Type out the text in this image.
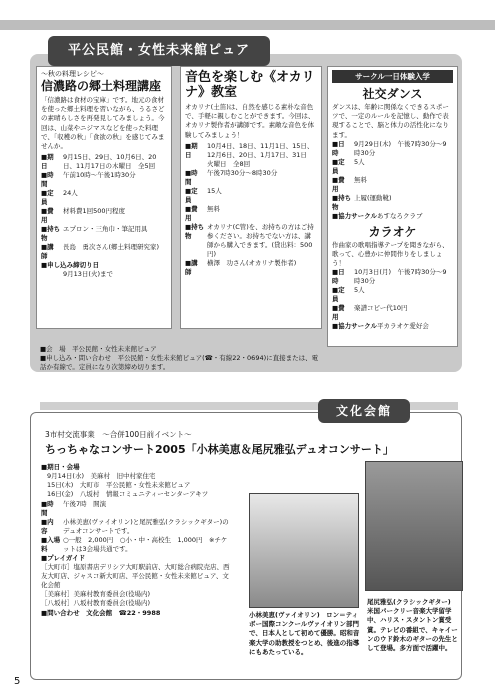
平公民館・女性未来館ピュア
〜秋の料理レシピ〜
信濃路の郷土料理講座
「信濃路は食材の宝庫」です。地元の食材を使った郷土料理を習いながら、うるさどの素晴らしさを再発見してみましょう。今回は、山菜やニジマスなどを使った料理で、「収穫の秋」「食欲の秋」を感じてみませんか。
■期　日
9月15日、29日、10月6日、20日、11月17日の木曜日　全5回
■時　間
午前10時〜午後1時30分
■定　員
24人
■費　用
材料費1回500円程度
■持ち物
エプロン・三角巾・筆記用具
■講　師
長島　勇次さん(郷土料理研究家)
■申し込み締切り日
9月13日(火)まで
音色を楽しむ《オカリナ》教室
オカリナ(土笛)は、自然を感じる素朴な音色で、手軽に親しむことができます。今回は、オカリナ製作者が講師です。素敵な音色を体験してみましょう！
■期　日
10月4日、18日、11月1日、15日、12月6日、20日、1月17日、31日　火曜日　全8回
■時　間
午後7時30分〜8時30分
■定　員
15人
■費　用
無料
■持ち物
オカリナ(C管)を、お持ちの方はご持参ください。お持ちでない方は、講師から購入できます。(貸出料：500円)
■講　師
横澤　功さん(オカリナ製作者)
サークル一日体験入学
社交ダンス
ダンスは、年齢に関係なくできるスポーツで、一定のルールを記憶し、動作で表現することで、脳と体力の活性化になります。
■日　時
9月29日(木)　午後7時30分〜9時30分
■定　員
5人
■費　用
無料
■持ち物
上履(運動靴)
■協力サークル あすなろクラブ
カラオケ
作曲家の歌唱指導テープを聞きながら、歌って、心豊かに仲間作りをしましょう！
■日　時
10月3日(月)　午後7時30分〜9時30分
■定　員
5人
■費　用
楽譜コピー代10円
■協力サークル 平カラオケ愛好会
■会　場　平公民館・女性未来館ピュア
■申し込み・問い合わせ　平公民館・女性未来館ピュア(☎・有線22・0694)に直接または、電話か有線で。定員になり次第締め切ります。
3市村交流事業　〜合併100日前イベント〜
ちっちゃなコンサート2005「小林美恵＆尾尻雅弘デュオコンサート」
■期日・会場
9月14日(水)　美麻村　旧中村家住宅
15日(木)　大町市　平公民館・女性未来館ピュア
16日(金)　八坂村　情報コミュニティーセンターアキツ
■時　間
午後7時　開演
■内　容
小林美恵(ヴァイオリン)と尾尻雅弘(クラシックギター)のデュオコンサートです。
■入場料
○一般　2,000円　○小・中・高校生　1,000円　※チケットは3会場共通です。
■プレイガイド
［大町市］塩原書店デリシア大町駅前店、大町総合病院売店、西友大町店、ジャスコ新大町店、平公民館・女性未来館ピュア、文化会館
［美麻村］美麻村教育委員会(役場内)
［八坂村］八坂村教育委員会(役場内)
■問い合わせ　文化会館　☎22・9988	小林美恵(ヴァイオリン)　ロン＝ティボー国際コンクールヴァイオリン部門で、日本人として初めて優勝。昭和音楽大学の助教授をつとめ、後進の指導にもあたっている。
尾尻雅弘(クラシックギター)　米国パークリー音楽大学留学中、ハリス・スタントン賞受賞。テレビの番組で、キャイーンのウド鈴木のギターの先生として登場。多方面で活躍中。
文化会館
5
